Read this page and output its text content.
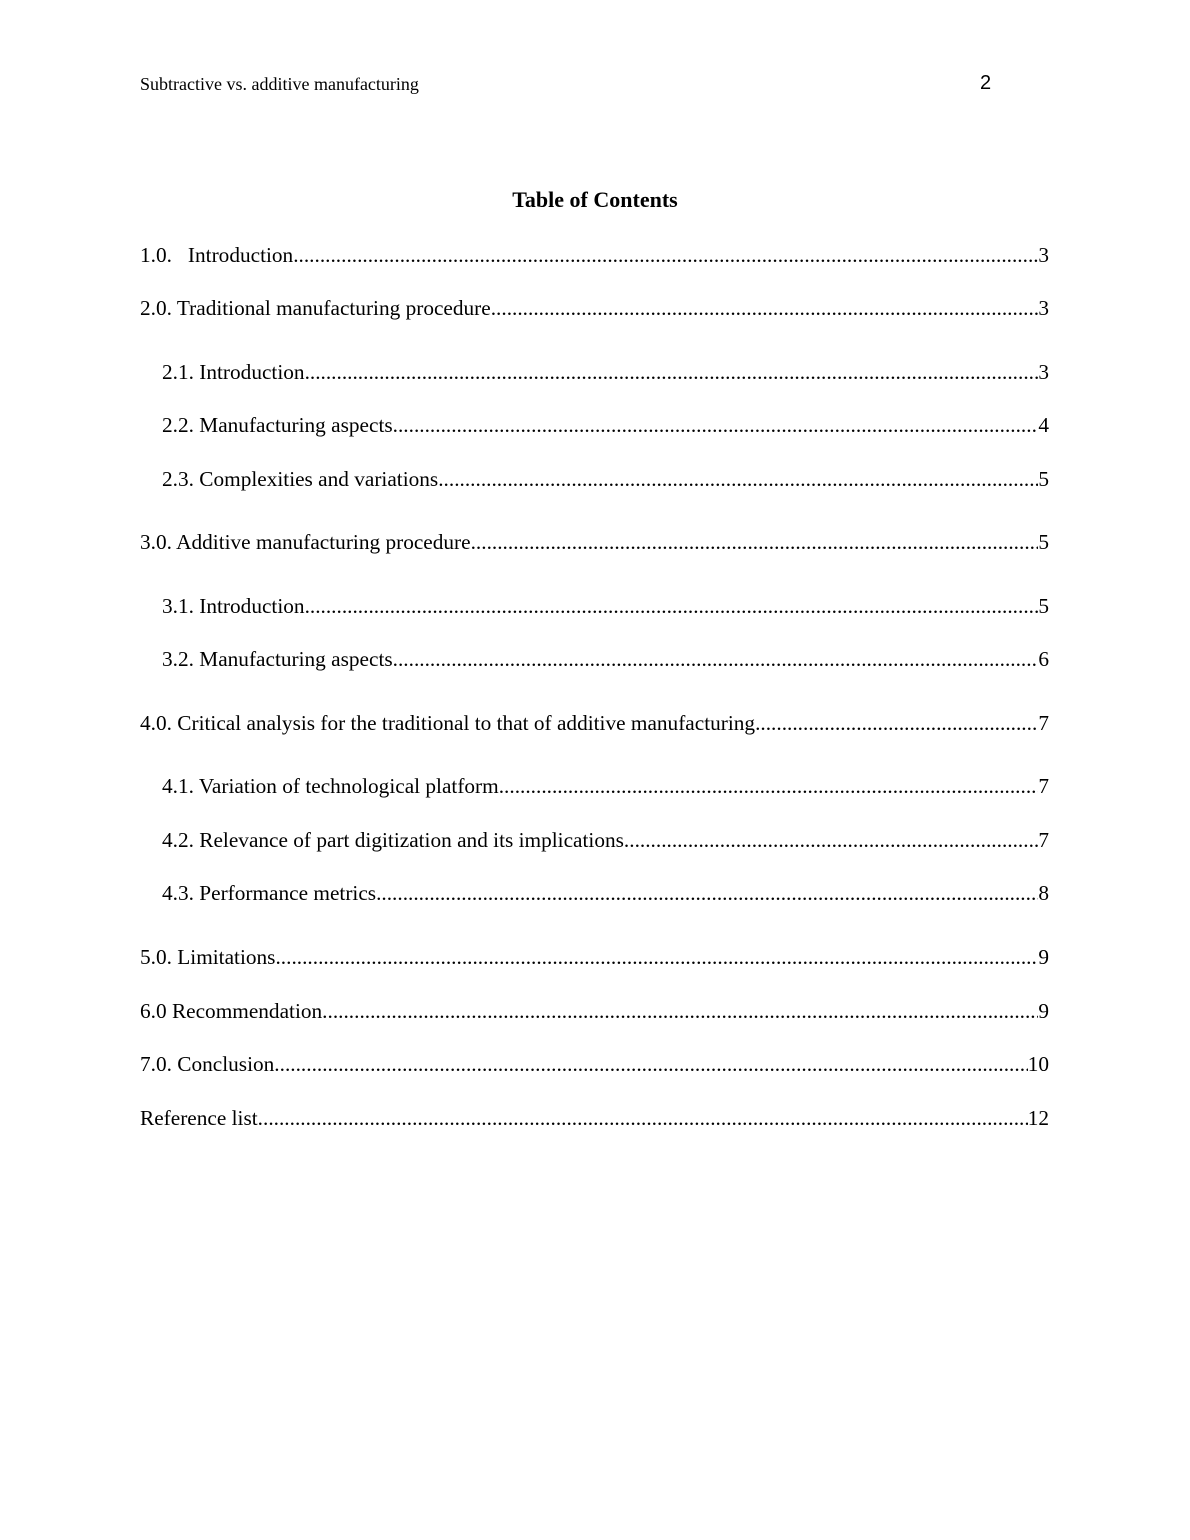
Subtractive vs. additive manufacturing	2
Table of Contents
1.0.   Introduction .....	3
2.0. Traditional manufacturing procedure .....	3
2.1. Introduction .....	3
2.2. Manufacturing aspects .....	4
2.3. Complexities and variations .....	5
3.0. Additive manufacturing procedure .....	5
3.1. Introduction .....	5
3.2. Manufacturing aspects .....	6
4.0. Critical analysis for the traditional to that of additive manufacturing .....	7
4.1. Variation of technological platform .....	7
4.2. Relevance of part digitization and its implications .....	7
4.3. Performance metrics .....	8
5.0. Limitations .....	9
6.0 Recommendation .....	9
7.0. Conclusion .....	10
Reference list .....	12
